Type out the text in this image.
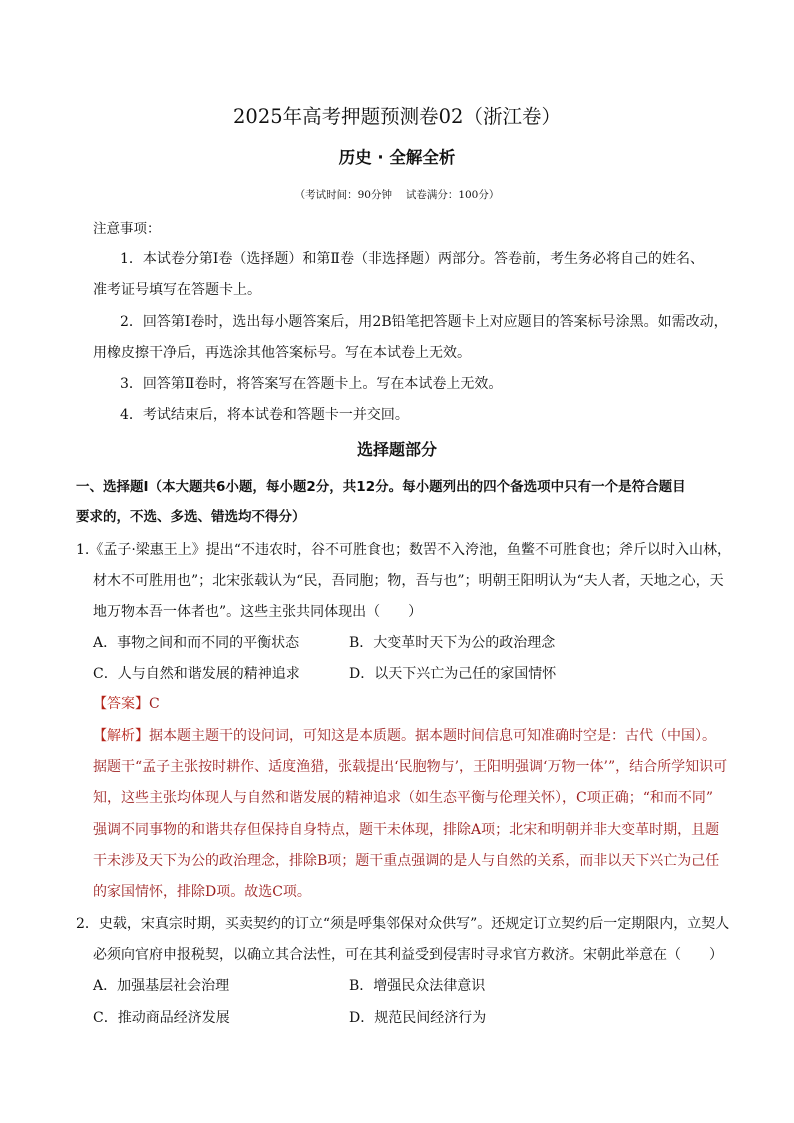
2025年高考押题预测卷02（浙江卷）
历史 · 全解全析
（考试时间：90分钟　 试卷满分：100分）
注意事项：
1．本试卷分第Ⅰ卷（选择题）和第Ⅱ卷（非选择题）两部分。答卷前，考生务必将自己的姓名、
准考证号填写在答题卡上。
2．回答第Ⅰ卷时，选出每小题答案后，用2B铅笔把答题卡上对应题目的答案标号涂黑。如需改动，
用橡皮擦干净后，再选涂其他答案标号。写在本试卷上无效。
3．回答第Ⅱ卷时，将答案写在答题卡上。写在本试卷上无效。
4．考试结束后，将本试卷和答题卡一并交回。
选择题部分
一、选择题Ⅰ（本大题共6小题，每小题2分，共12分。每小题列出的四个备选项中只有一个是符合题目
要求的，不选、多选、错选均不得分）
1.《孟子·梁惠王上》提出“不违农时，谷不可胜食也；数罟不入洿池，鱼鳖不可胜食也；斧斤以时入山林，
材木不可胜用也”；北宋张载认为“民，吾同胞；物，吾与也”；明朝王阳明认为“夫人者，天地之心，天
地万物本吾一体者也”。这些主张共同体现出（　　）
A．事物之间和而不同的平衡状态	B．大变革时天下为公的政治理念
C．人与自然和谐发展的精神追求	D．以天下兴亡为己任的家国情怀
【答案】C
【解析】据本题主题干的设问词，可知这是本质题。据本题时间信息可知准确时空是：古代（中国）。
据题干“孟子主张按时耕作、适度渔猎，张载提出‘民胞物与’，王阳明强调‘万物一体’”，结合所学知识可
知，这些主张均体现人与自然和谐发展的精神追求（如生态平衡与伦理关怀），C项正确；“和而不同”
强调不同事物的和谐共存但保持自身特点，题干未体现，排除A项；北宋和明朝并非大变革时期，且题
干未涉及天下为公的政治理念，排除B项；题干重点强调的是人与自然的关系，而非以天下兴亡为己任
的家国情怀，排除D项。故选C项。
2．史载，宋真宗时期，买卖契约的订立“须是呼集邻保对众供写”。还规定订立契约后一定期限内，立契人
必须向官府申报税契，以确立其合法性，可在其利益受到侵害时寻求官方救济。宋朝此举意在（　　）
A．加强基层社会治理	B．增强民众法律意识
C．推动商品经济发展	D．规范民间经济行为
